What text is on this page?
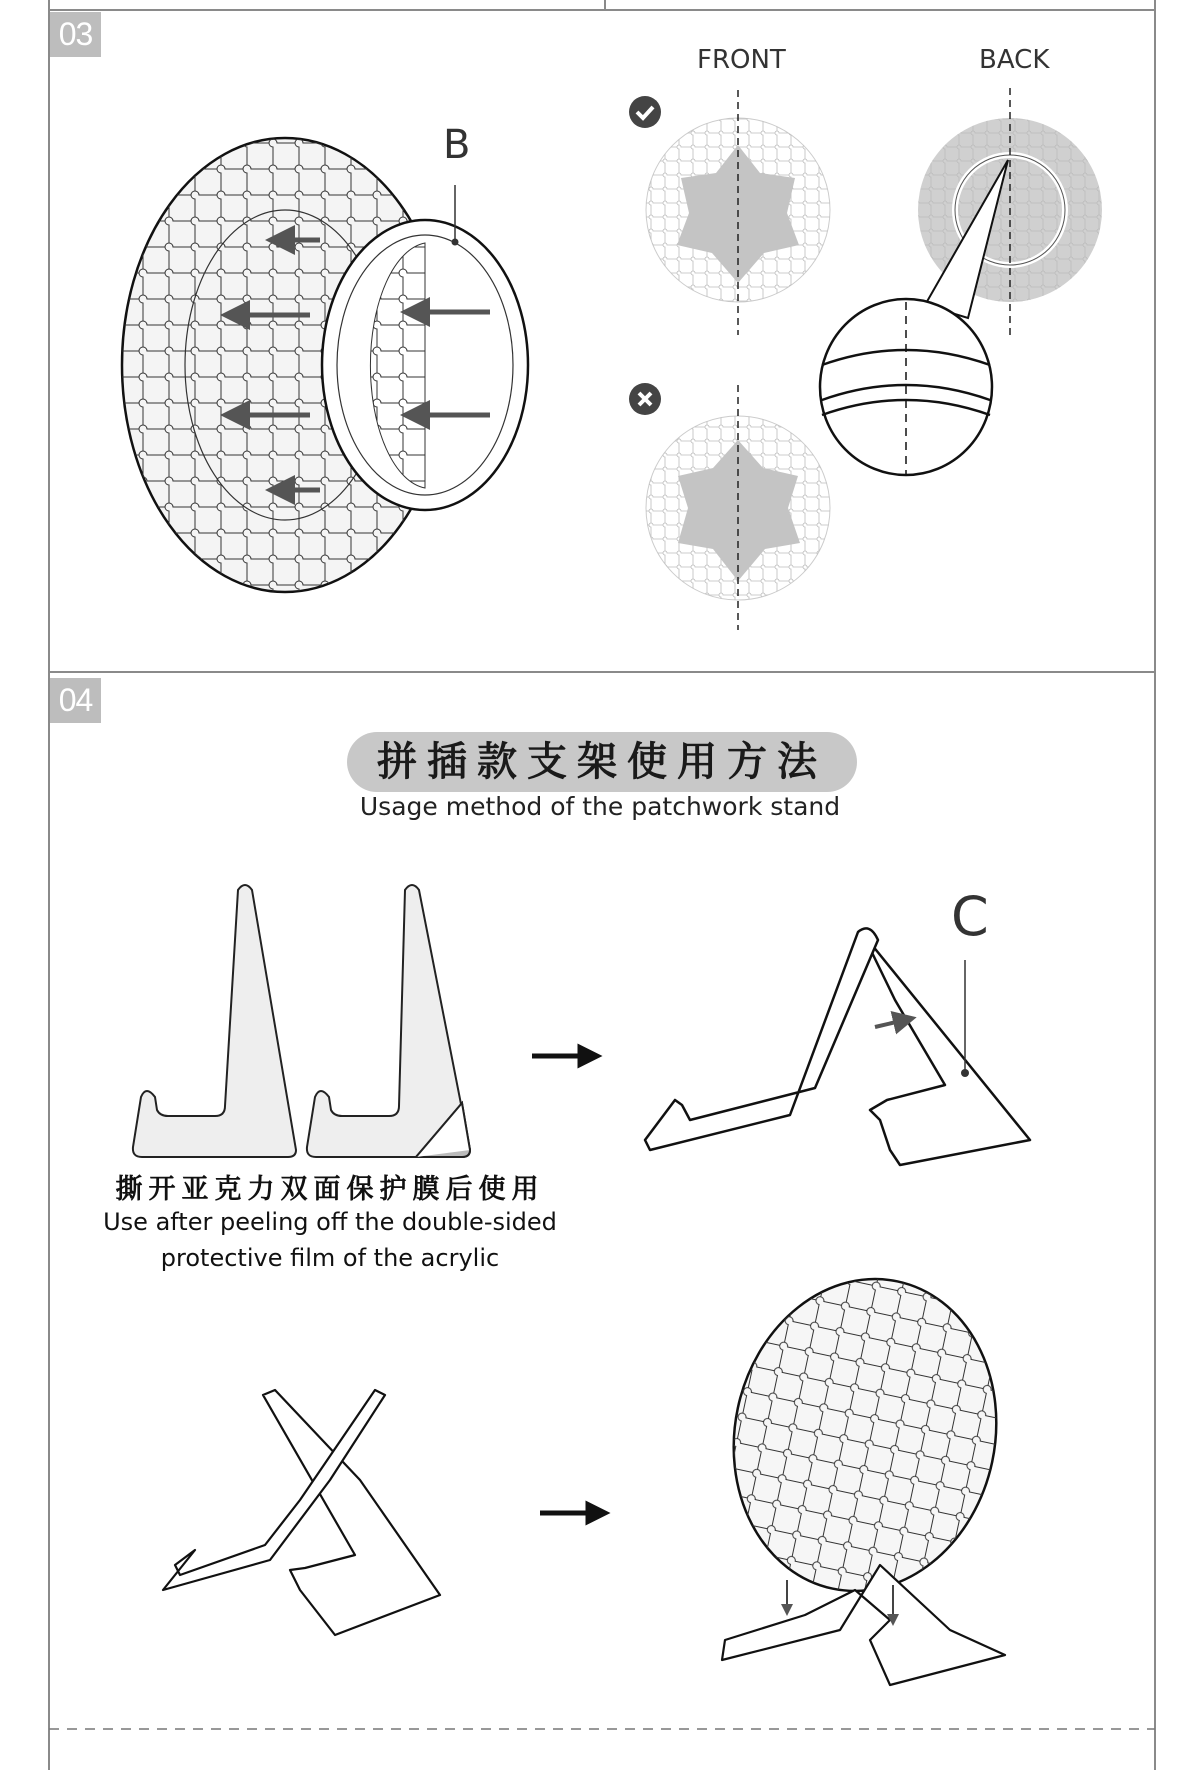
03
B
FRONT	BACK
04
拼插款支架使用方法
Usage method of the patchwork stand
C
撕开亚克力双面保护膜后使用
Use after peeling off the double-sided
protective film of the acrylic
